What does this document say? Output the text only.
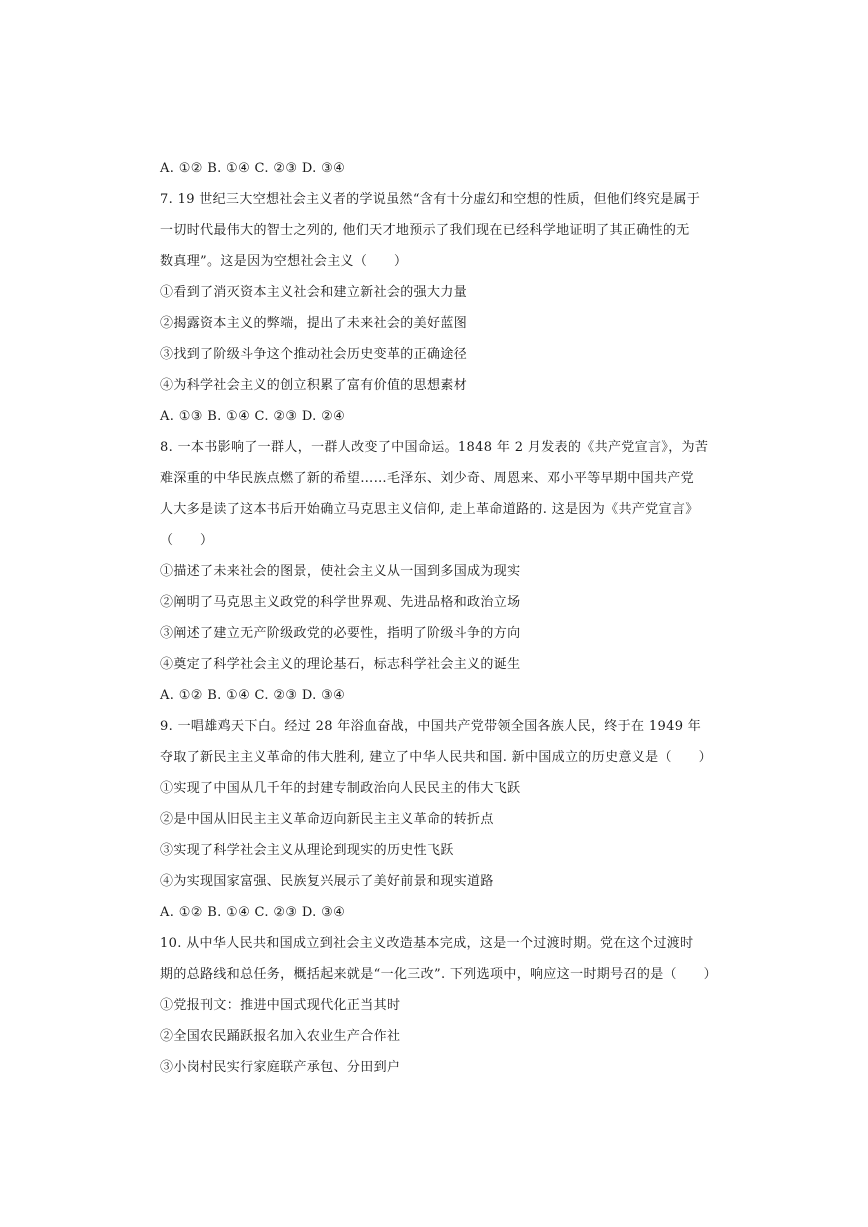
A. ①② B. ①④ C. ②③ D. ③④
7. 19 世纪三大空想社会主义者的学说虽然“含有十分虚幻和空想的性质，但他们终究是属于
一切时代最伟大的智士之列的, 他们天才地预示了我们现在已经科学地证明了其正确性的无
数真理”。这是因为空想社会主义（　　）
①看到了消灭资本主义社会和建立新社会的强大力量
②揭露资本主义的弊端，提出了未来社会的美好蓝图
③找到了阶级斗争这个推动社会历史变革的正确途径
④为科学社会主义的创立积累了富有价值的思想素材
A. ①③ B. ①④ C. ②③ D. ②④
8. 一本书影响了一群人，一群人改变了中国命运。1848 年 2 月发表的《共产党宣言》，为苦
难深重的中华民族点燃了新的希望……毛泽东、刘少奇、周恩来、邓小平等早期中国共产党
人大多是读了这本书后开始确立马克思主义信仰, 走上革命道路的. 这是因为《共产党宣言》
（　　）
①描述了未来社会的图景，使社会主义从一国到多国成为现实
②阐明了马克思主义政党的科学世界观、先进品格和政治立场
③阐述了建立无产阶级政党的必要性，指明了阶级斗争的方向
④奠定了科学社会主义的理论基石，标志科学社会主义的诞生
A. ①② B. ①④ C. ②③ D. ③④
9. 一唱雄鸡天下白。经过 28 年浴血奋战，中国共产党带领全国各族人民，终于在 1949 年
夺取了新民主主义革命的伟大胜利, 建立了中华人民共和国. 新中国成立的历史意义是（　　）
①实现了中国从几千年的封建专制政治向人民民主的伟大飞跃
②是中国从旧民主主义革命迈向新民主主义革命的转折点
③实现了科学社会主义从理论到现实的历史性飞跃
④为实现国家富强、民族复兴展示了美好前景和现实道路
A. ①② B. ①④ C. ②③ D. ③④
10. 从中华人民共和国成立到社会主义改造基本完成，这是一个过渡时期。党在这个过渡时
期的总路线和总任务，概括起来就是“一化三改”. 下列选项中，响应这一时期号召的是（　　）
①党报刊文：推进中国式现代化正当其时
②全国农民踊跃报名加入农业生产合作社
③小岗村民实行家庭联产承包、分田到户
